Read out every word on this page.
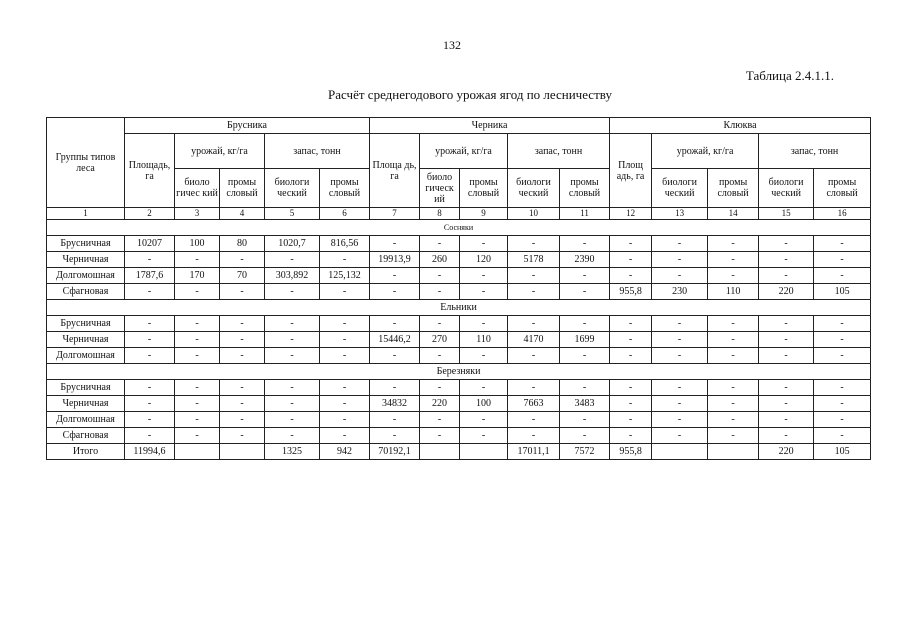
132
Таблица 2.4.1.1.
Расчёт среднегодового урожая ягод по лесничеству
Группы типов леса	Брусника					Черника					Клюква				
	Площадь, га	урожай, кг/га		запас, тонн		Площа дь, га	урожай, кг/га		запас, тонн		Площ адь, га	урожай, кг/га		запас, тонн	
		биоло гичес кий	промы словый	биологи ческий	промы словый		биоло гическ ий	промы словый	биологи ческий	промы словый		биологи ческий	промы словый	биологи ческий	промы словый
1	2	3	4	5	6	7	8	9	10	11	12	13	14	15	16
Сосняки															
Брусничная	10207	100	80	1020,7	816,56	-	-	-	-	-	-	-	-	-	-
Черничная	-	-	-	-	-	19913,9	260	120	5178	2390	-	-	-	-	-
Долгомошная	1787,6	170	70	303,892	125,132	-	-	-	-	-	-	-	-	-	-
Сфагновая	-	-	-	-	-	-	-	-	-	-	955,8	230	110	220	105
Ельники															
Брусничная	-	-	-	-	-	-	-	-	-	-	-	-	-	-	-
Черничная	-	-	-	-	-	15446,2	270	110	4170	1699	-	-	-	-	-
Долгомошная	-	-	-	-	-	-	-	-	-	-	-	-	-	-	-
Березняки															
Брусничная	-	-	-	-	-	-	-	-	-	-	-	-	-	-	-
Черничная	-	-	-	-	-	34832	220	100	7663	3483	-	-	-	-	-
Долгомошная	-	-	-	-	-	-	-	-	-	-	-	-	-	-	-
Сфагновая	-	-	-	-	-	-	-	-	-	-	-	-	-	-	-
Итого	11994,6			1325	942	70192,1			17011,1	7572	955,8			220	105
